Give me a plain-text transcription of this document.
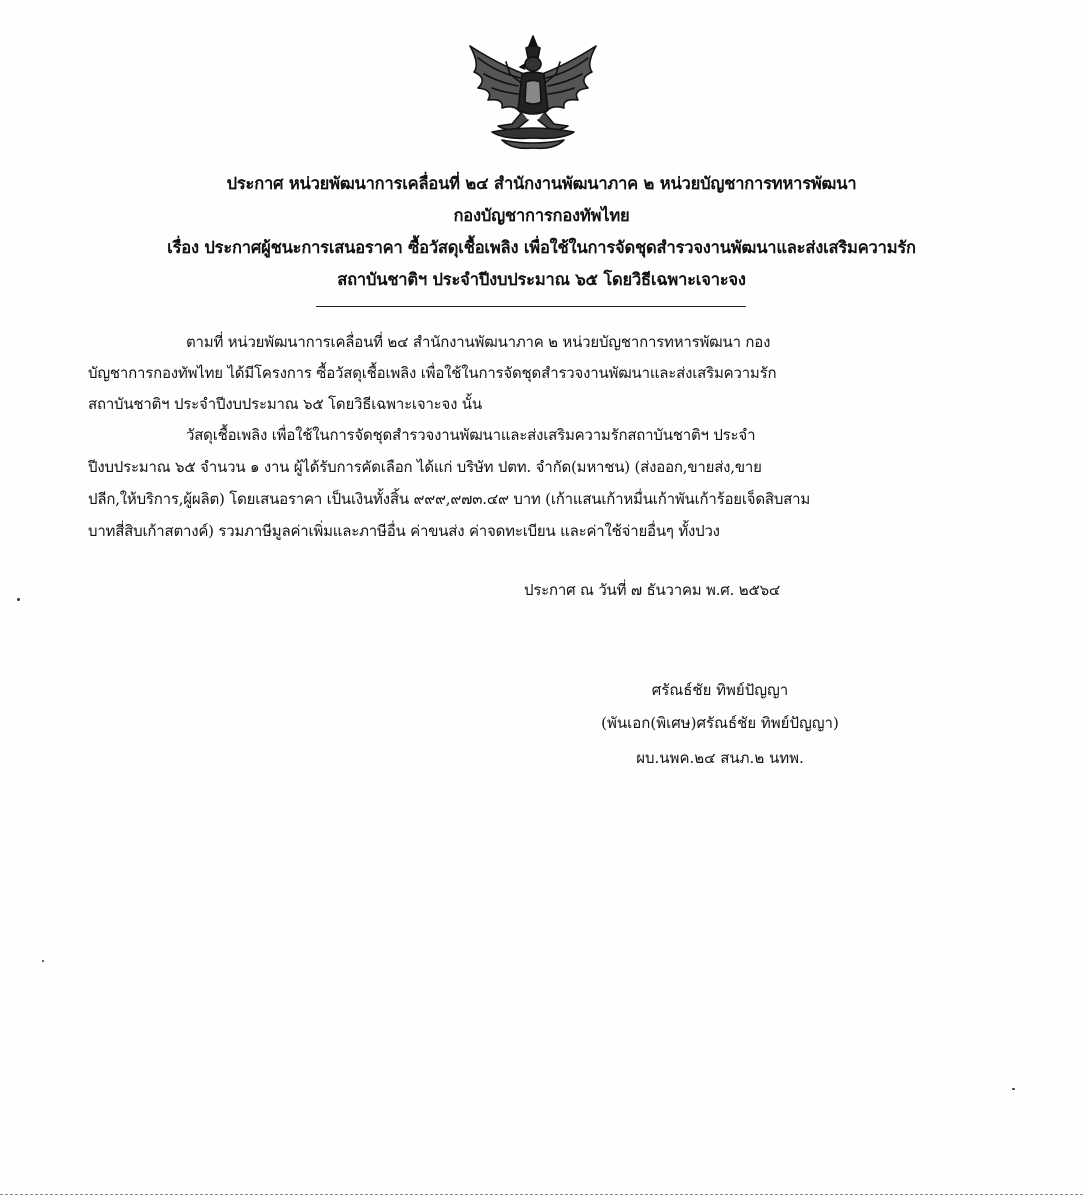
ประกาศ หน่วยพัฒนาการเคลื่อนที่ ๒๔ สำนักงานพัฒนาภาค ๒ หน่วยบัญชาการทหารพัฒนา
กองบัญชาการกองทัพไทย
เรื่อง ประกาศผู้ชนะการเสนอราคา ซื้อวัสดุเชื้อเพลิง เพื่อใช้ในการจัดชุดสำรวจงานพัฒนาและส่งเสริมความรัก
สถาบันชาติฯ ประจำปีงบประมาณ ๖๕ โดยวิธีเฉพาะเจาะจง
ตามที่ หน่วยพัฒนาการเคลื่อนที่ ๒๔ สำนักงานพัฒนาภาค ๒ หน่วยบัญชาการทหารพัฒนา กอง
บัญชาการกองทัพไทย ได้มีโครงการ ซื้อวัสดุเชื้อเพลิง เพื่อใช้ในการจัดชุดสำรวจงานพัฒนาและส่งเสริมความรัก
สถาบันชาติฯ ประจำปีงบประมาณ ๖๕ โดยวิธีเฉพาะเจาะจง นั้น
วัสดุเชื้อเพลิง เพื่อใช้ในการจัดชุดสำรวจงานพัฒนาและส่งเสริมความรักสถาบันชาติฯ ประจำ
ปีงบประมาณ ๖๕ จำนวน ๑ งาน ผู้ได้รับการคัดเลือก ได้แก่ บริษัท ปตท. จำกัด(มหาชน) (ส่งออก,ขายส่ง,ขาย
ปลีก,ให้บริการ,ผู้ผลิต) โดยเสนอราคา เป็นเงินทั้งสิ้น ๙๙๙,๙๗๓.๔๙ บาท (เก้าแสนเก้าหมื่นเก้าพันเก้าร้อยเจ็ดสิบสาม
บาทสี่สิบเก้าสตางค์) รวมภาษีมูลค่าเพิ่มและภาษีอื่น ค่าขนส่ง ค่าจดทะเบียน และค่าใช้จ่ายอื่นๆ ทั้งปวง
ประกาศ ณ วันที่ ๗ ธันวาคม พ.ศ. ๒๕๖๔
ศรัณธ์ชัย ทิพย์ปัญญา
(พันเอก(พิเศษ)ศรัณธ์ชัย ทิพย์ปัญญา)
ผบ.นพค.๒๔ สนภ.๒ นทพ.
